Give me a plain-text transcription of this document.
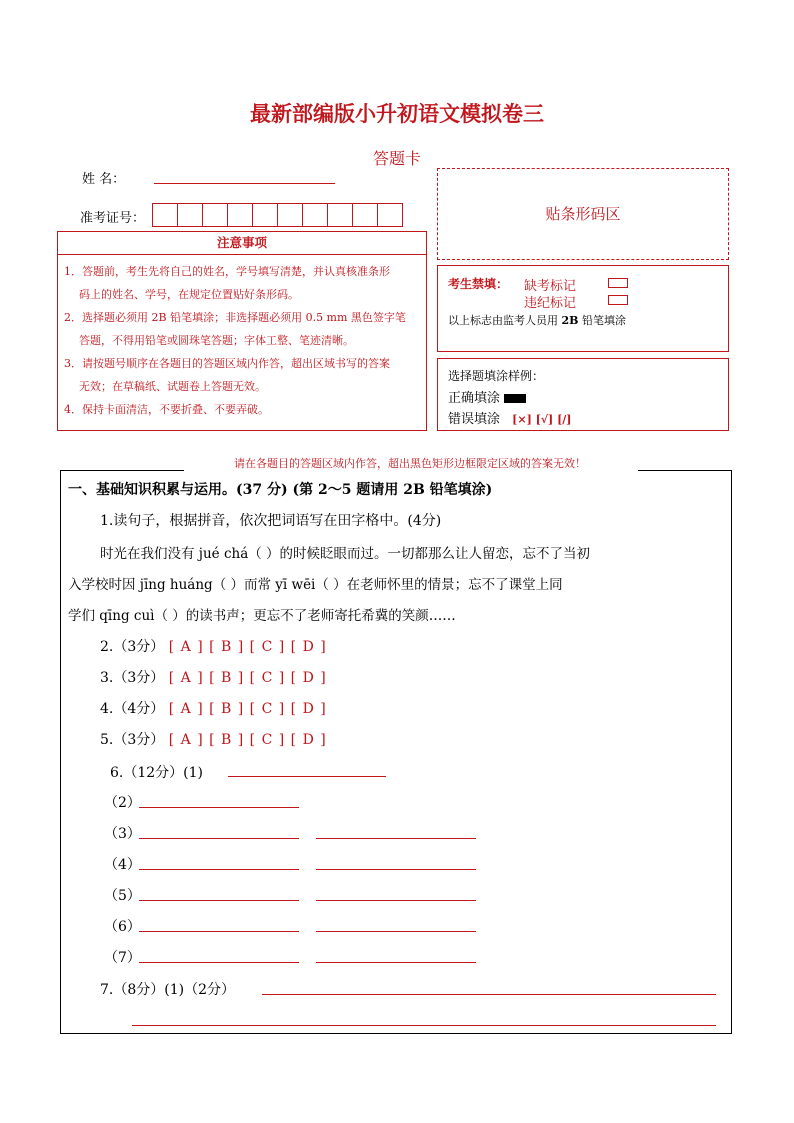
最新部编版小升初语文模拟卷三
答题卡
姓 名：
准考证号：	贴条形码区
注意事项
1．答题前，考生先将自己的姓名，学号填写清楚，并认真核准条形
码上的姓名、学号，在规定位置贴好条形码。
2．选择题必须用 2B 铅笔填涂；非选择题必须用 0.5 mm 黑色签字笔
答题，不得用铅笔或圆珠笔答题；字体工整、笔迹清晰。
3．请按题号顺序在各题目的答题区域内作答，超出区域书写的答案
无效；在草稿纸、试题卷上答题无效。
4．保持卡面清洁，不要折叠、不要弄破。
考生禁填： 缺考标记
违纪标记
以上标志由监考人员用 2B 铅笔填涂
选择题填涂样例：
正确填涂
错误填涂 [×] [√] [/]
请在各题目的答题区域内作答，超出黑色矩形边框限定区域的答案无效！
一、基础知识积累与运用。(37 分) (第 2～5 题请用 2B 铅笔填涂)
1.读句子，根据拼音，依次把词语写在田字格中。(4分)
时光在我们没有 jué chá（ ）的时候眨眼而过。一切都那么让人留恋，忘不了当初
入学校时因 jīng huáng（ ）而常 yī wēi（ ）在老师怀里的情景；忘不了课堂上同
学们 qīng cuì（ ）的读书声；更忘不了老师寄托希冀的笑颜……
2.（3分） [ A ] [ B ] [ C ] [ D ]
3.（3分） [ A ] [ B ] [ C ] [ D ]
4.（4分） [ A ] [ B ] [ C ] [ D ]
5.（3分） [ A ] [ B ] [ C ] [ D ]
6.（12分）(1)
（2）
（3）
（4）
（5）
（6）
（7）
7.（8分）(1)（2分）
